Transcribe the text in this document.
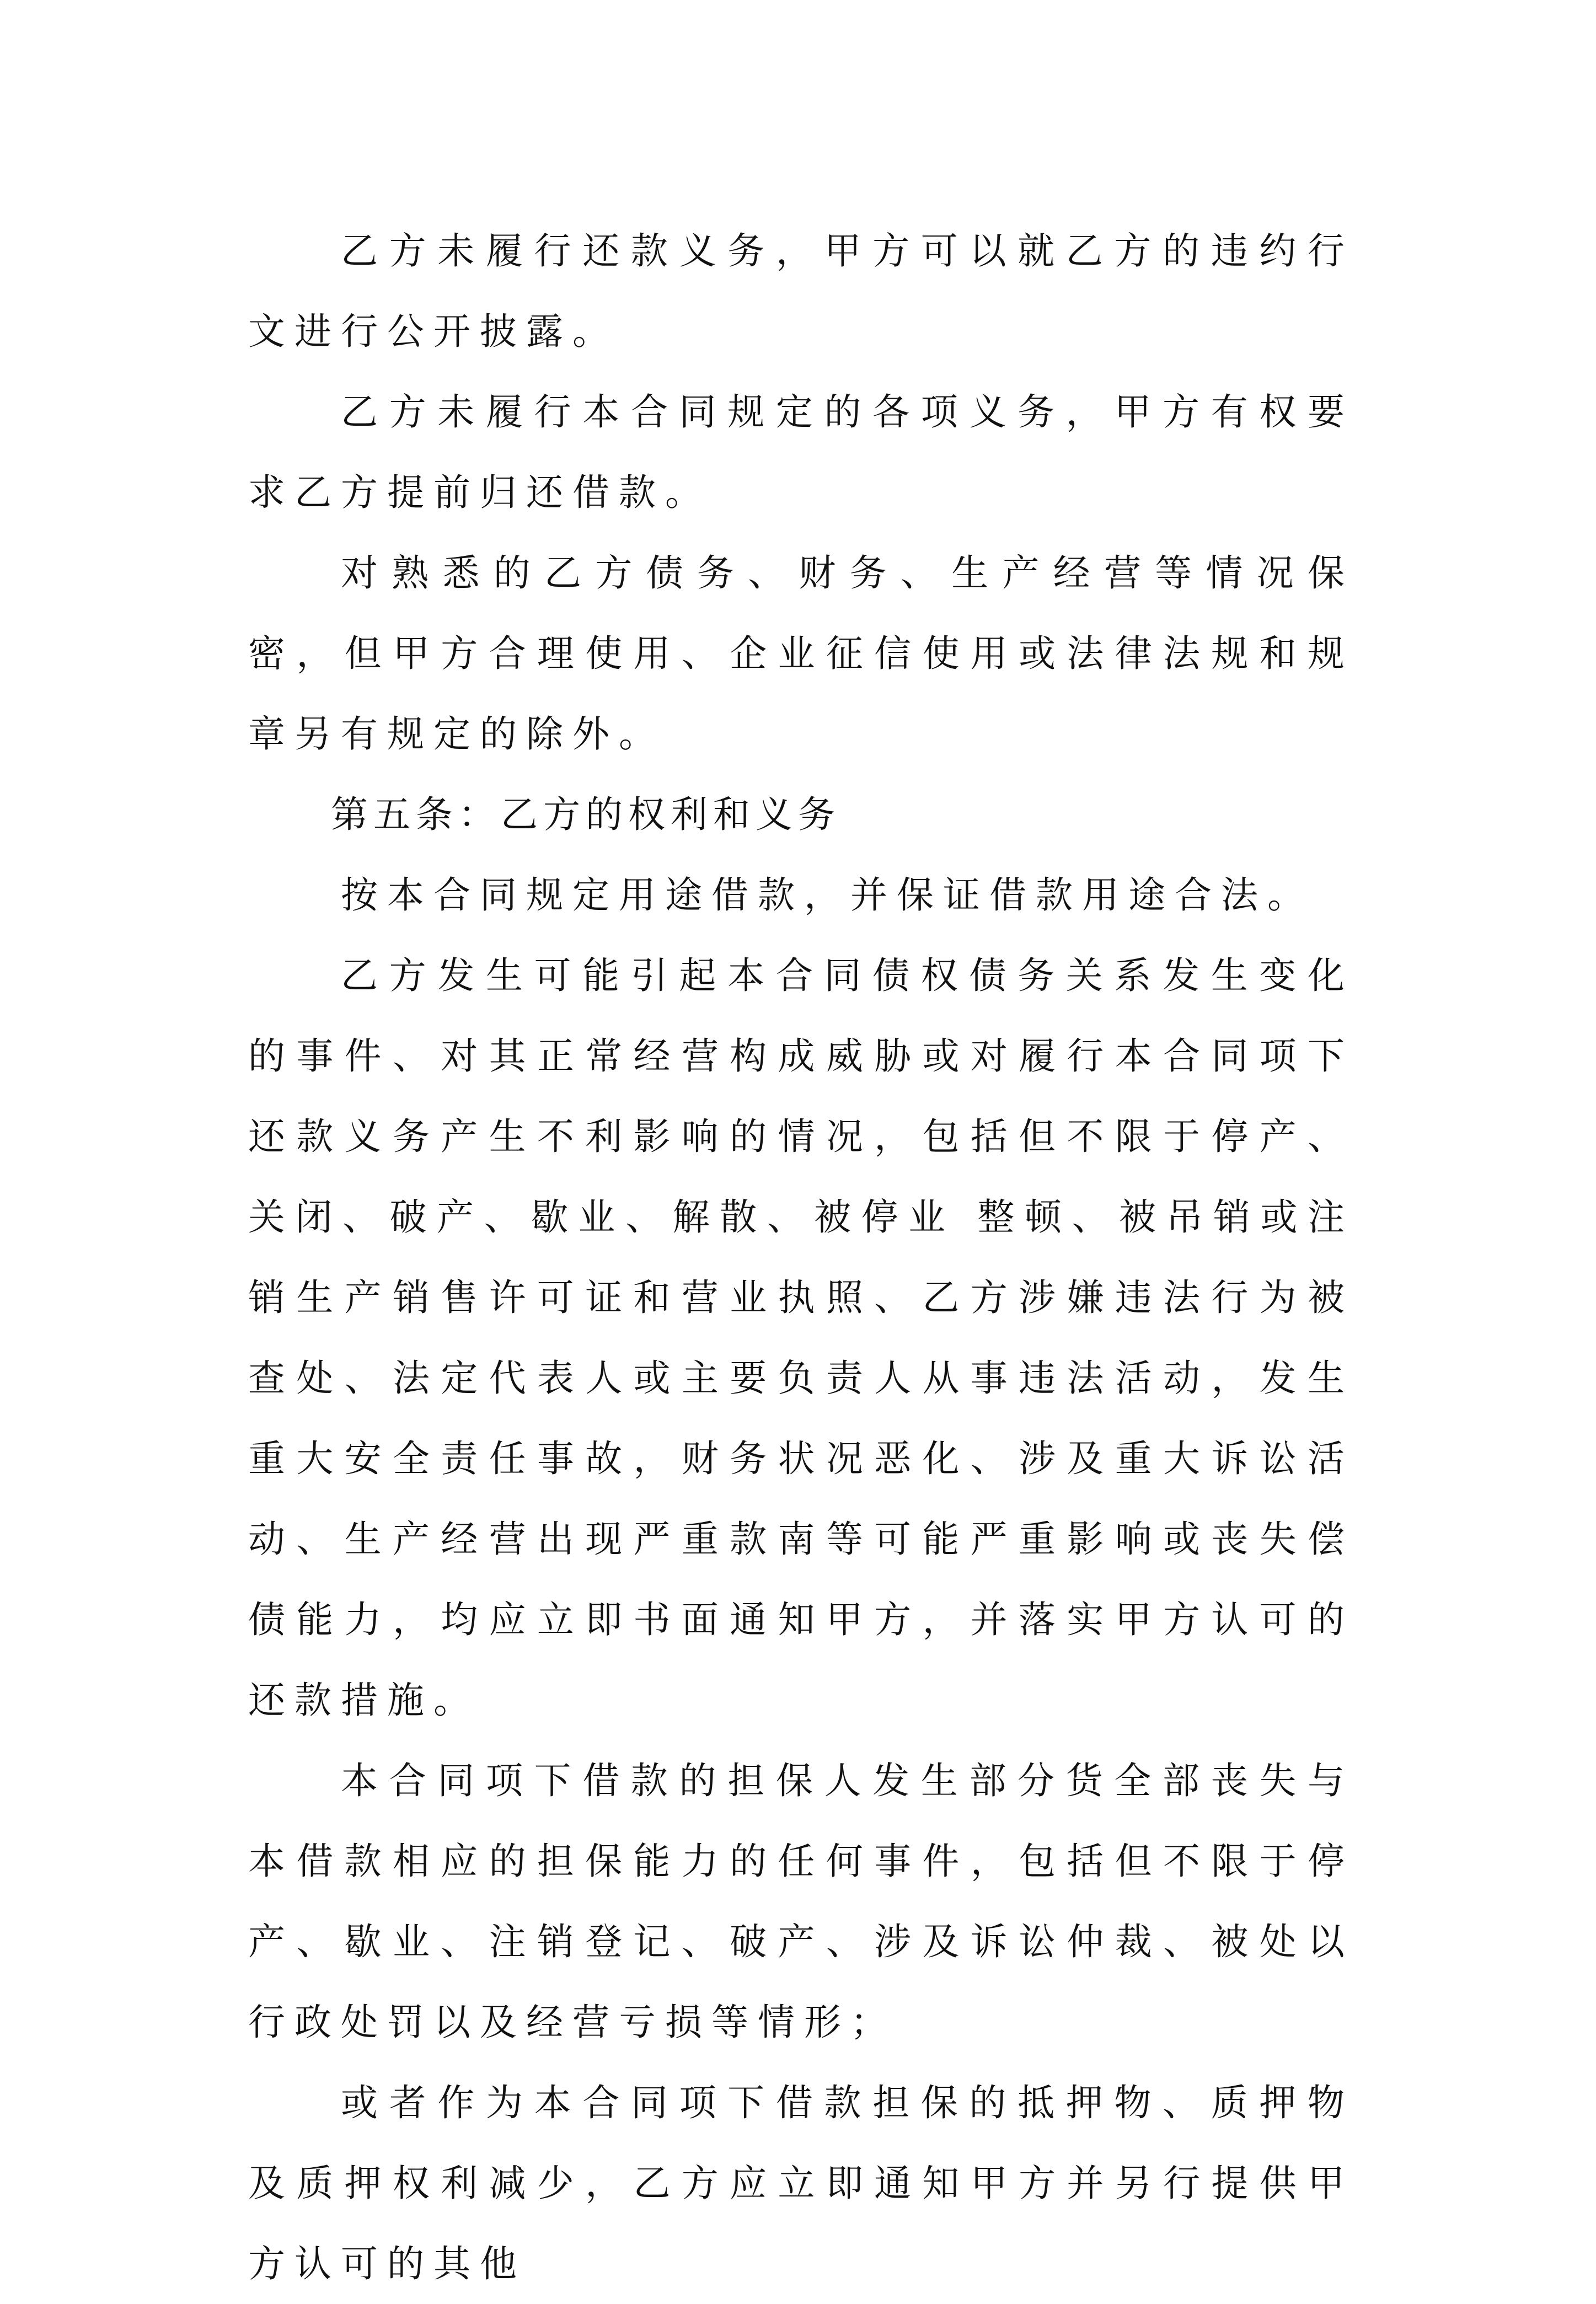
乙方未履行还款义务，甲方可以就乙方的违约行文进行公开披露。

乙方未履行本合同规定的各项义务，甲方有权要求乙方提前归还借款。

对熟悉的乙方债务、财务、生产经营等情况保密，但甲方合理使用、企业征信使用或法律法规和规章另有规定的除外。

第五条：乙方的权利和义务

按本合同规定用途借款，并保证借款用途合法。

乙方发生可能引起本合同债权债务关系发生变化的事件、对其正常经营构成威胁或对履行本合同项下还款义务产生不利影响的情况，包括但不限于停产、关闭、破产、歇业、解散、被停业 整顿、被吊销或注销生产销售许可证和营业执照、乙方涉嫌违法行为被查处、法定代表人或主要负责人从事违法活动，发生重大安全责任事故，财务状况恶化、涉及重大诉讼活动、生产经营出现严重款南等可能严重影响或丧失偿债能力，均应立即书面通知甲方，并落实甲方认可的还款措施。

本合同项下借款的担保人发生部分货全部丧失与本借款相应的担保能力的任何事件，包括但不限于停产、歇业、注销登记、破产、涉及诉讼仲裁、被处以行政处罚以及经营亏损等情形；

或者作为本合同项下借款担保的抵押物、质押物及质押权利减少，乙方应立即通知甲方并另行提供甲方认可的其他
